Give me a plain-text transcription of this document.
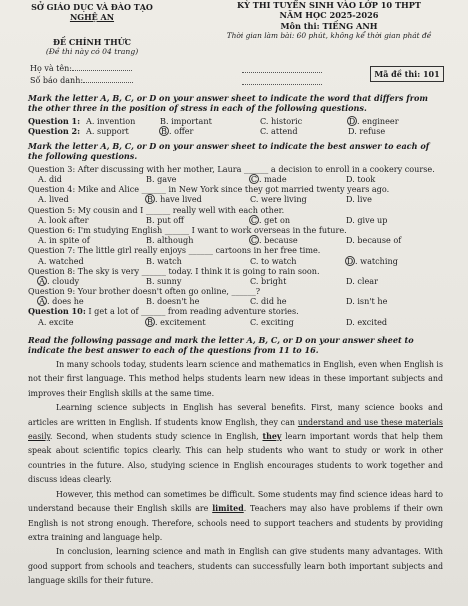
SỞ GIÁO DỤC VÀ ĐÀO TẠO
NGHỆ AN
ĐỀ CHÍNH THỨC
(Đề thi này có 04 trang)
KỲ THI TUYỂN SINH VÀO LỚP 10 THPT
NĂM HỌC 2025-2026
Môn thi: TIẾNG ANH
Thời gian làm bài: 60 phút, không kể thời gian phát đề
Họ và tên:
Số báo danh:
Mã đề thi: 101
Mark the letter A, B, C, or D on your answer sheet to indicate the word that differs from the other three in the position of stress in each of the following questions.
Question 1: A. invention	B. important	C. historic	D . engineer
Question 2: A. support	B . offer	C. attend	D. refuse
Mark the letter A, B, C, or D on your answer sheet to indicate the best answer to each of the following questions.
Question 3: After discussing with her mother, Laura ______ a decision to enroll in a cookery course.
A. did	B. gave	C . made	D. took
Question 4: Mike and Alice ______ in New York since they got married twenty years ago.
A. lived	B . have lived	C. were living	D. live
Question 5: My cousin and I ______ really well with each other.
A. look after	B. put off	C . get on	D. give up
Question 6: I'm studying English ______ I want to work overseas in the future.
A. in spite of	B. although	C . because	D. because of
Question 7: The little girl really enjoys ______ cartoons in her free time.
A. watched	B. watch	C. to watch	D . watching
Question 8: The sky is very ______ today. I think it is going to rain soon.
A . cloudy	B. sunny	C. bright	D. clear
Question 9: Your brother doesn't often go online, ______?
A . does he	B. doesn't he	C. did he	D. isn't he
Question 10: I get a lot of ______ from reading adventure stories.
A. excite	B . excitement	C. exciting	D. excited
Read the following passage and mark the letter A, B, C, or D on your answer sheet to indicate the best answer to each of the questions from 11 to 16.

In many schools today, students learn science and mathematics in English, even when English is not their first language. This method helps students learn new ideas in these important subjects and improves their English skills at the same time.

Learning science subjects in English has several benefits. First, many science books and articles are written in English. If students know English, they can understand and use these materials easily. Second, when students study science in English, they learn important words that help them speak about scientific topics clearly. This can help students who want to study or work in other countries in the future. Also, studying science in English encourages students to work together and discuss ideas clearly.

However, this method can sometimes be difficult. Some students may find science ideas hard to understand because their English skills are limited. Teachers may also have problems if their own English is not strong enough. Therefore, schools need to support teachers and students by providing extra training and language help.

In conclusion, learning science and math in English can give students many advantages. With good support from schools and teachers, students can successfully learn both important subjects and language skills for their future.
